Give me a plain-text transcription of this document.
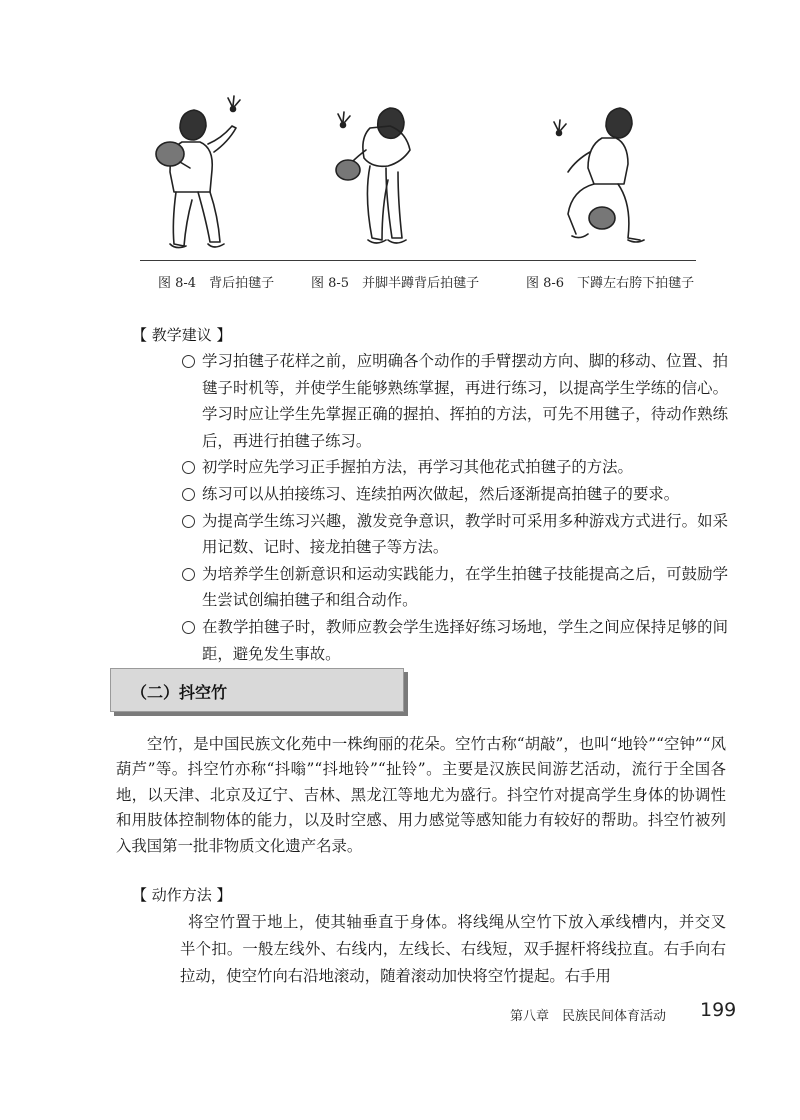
图 8-4　背后拍毽子	图 8-5　并脚半蹲背后拍毽子	图 8-6　下蹲左右胯下拍毽子
【 教学建议 】
学习拍毽子花样之前，应明确各个动作的手臂摆动方向、脚的移动、位置、拍毽子时机等，并使学生能够熟练掌握，再进行练习，以提高学生学练的信心。学习时应让学生先掌握正确的握拍、挥拍的方法，可先不用毽子，待动作熟练后，再进行拍毽子练习。
初学时应先学习正手握拍方法，再学习其他花式拍毽子的方法。
练习可以从拍接练习、连续拍两次做起，然后逐渐提高拍毽子的要求。
为提高学生练习兴趣，激发竞争意识，教学时可采用多种游戏方式进行。如采用记数、记时、接龙拍毽子等方法。
为培养学生创新意识和运动实践能力，在学生拍毽子技能提高之后，可鼓励学生尝试创编拍毽子和组合动作。
在教学拍毽子时，教师应教会学生选择好练习场地，学生之间应保持足够的间距，避免发生事故。
（二）抖空竹
空竹，是中国民族文化苑中一株绚丽的花朵。空竹古称“胡敲”，也叫“地铃”“空钟”“风葫芦”等。抖空竹亦称“抖嗡”“抖地铃”“扯铃”。主要是汉族民间游艺活动，流行于全国各地，以天津、北京及辽宁、吉林、黑龙江等地尤为盛行。抖空竹对提高学生身体的协调性和用肢体控制物体的能力，以及时空感、用力感觉等感知能力有较好的帮助。抖空竹被列入我国第一批非物质文化遗产名录。
【 动作方法 】
将空竹置于地上，使其轴垂直于身体。将线绳从空竹下放入承线槽内，并交叉半个扣。一般左线外、右线内，左线长、右线短，双手握杆将线拉直。右手向右拉动，使空竹向右沿地滚动，随着滚动加快将空竹提起。右手用
第八章　民族民间体育活动 199
